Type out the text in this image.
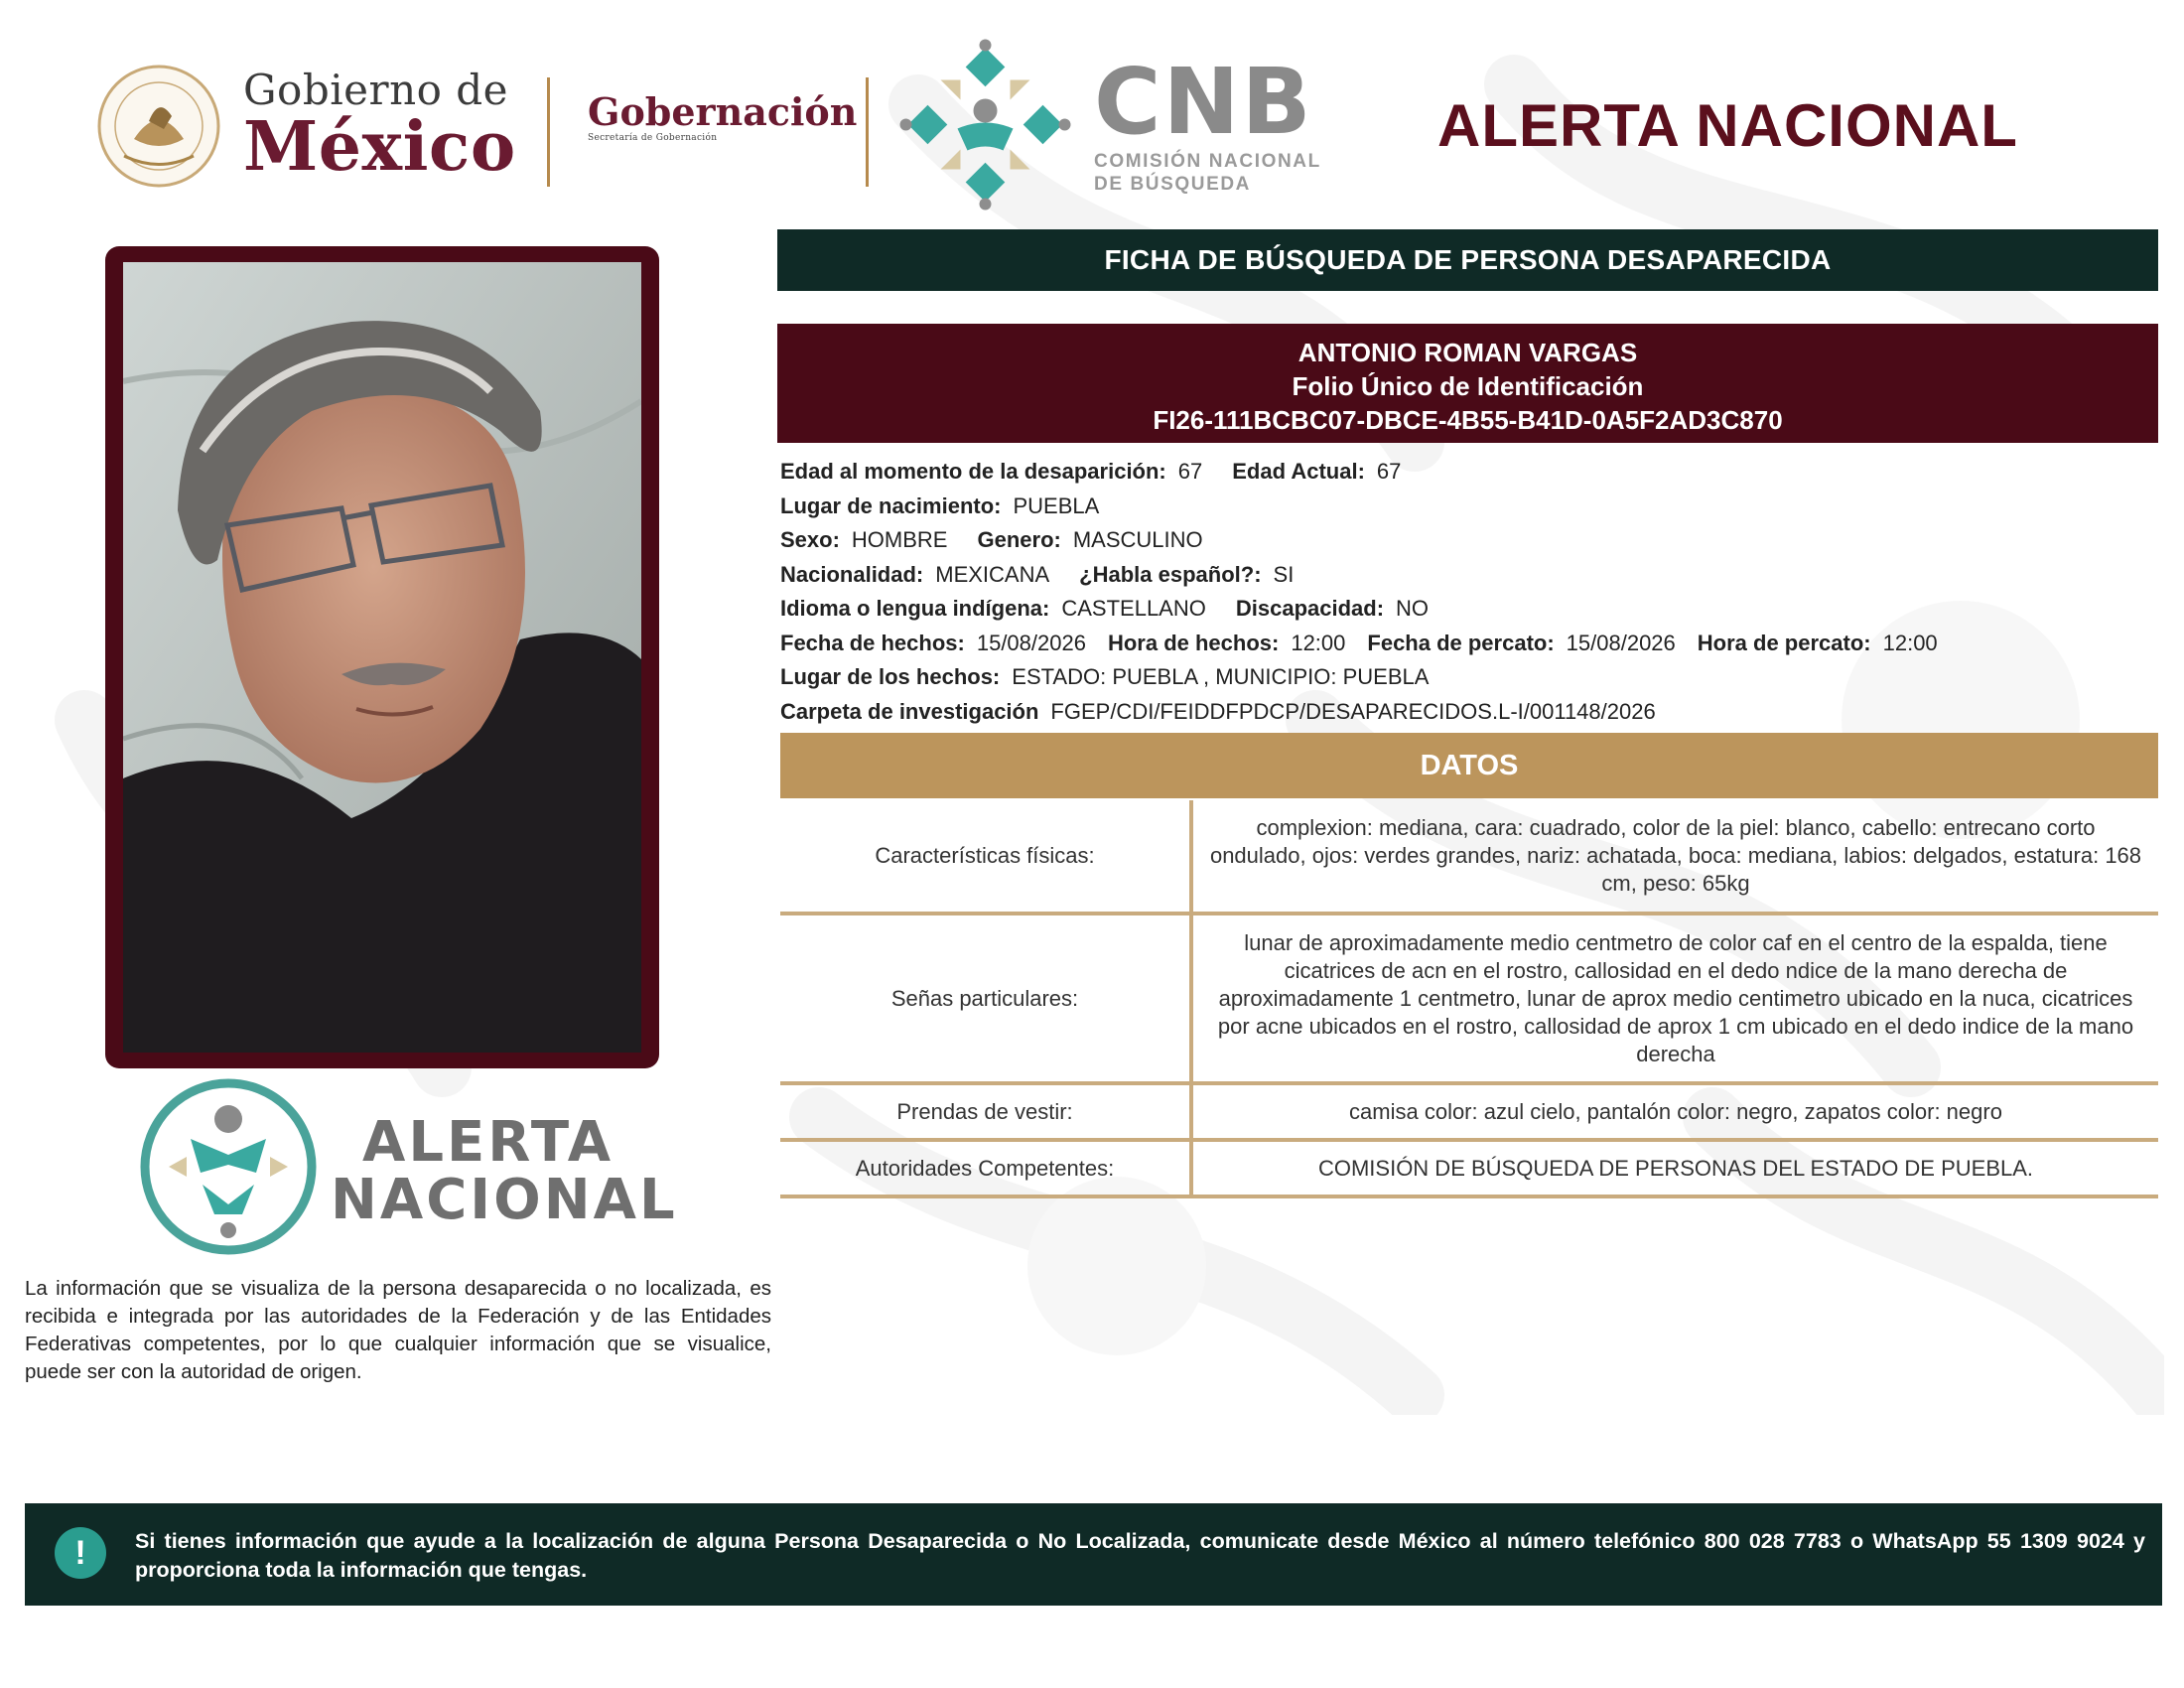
Gobierno de
México Gobernación
Secretaría de Gobernación	CNB
COMISIÓN NACIONAL
DE BÚSQUEDA
ALERTA NACIONAL
ALERTA
NACIONAL
La información que se visualiza de la persona desaparecida o no localizada, es recibida e integrada por las autoridades de la Federación y de las Entidades Federativas competentes, por lo que cualquier información que se visualice, puede ser con la autoridad de origen.
FICHA DE BÚSQUEDA DE PERSONA DESAPARECIDA
ANTONIO ROMAN VARGAS
Folio Único de Identificación
FI26-111BCBC07-DBCE-4B55-B41D-0A5F2AD3C870
Edad al momento de la desaparición: 67 Edad Actual: 67
Lugar de nacimiento: PUEBLA
Sexo: HOMBRE Genero: MASCULINO
Nacionalidad: MEXICANA ¿Habla español?: SI
Idioma o lengua indígena: CASTELLANO Discapacidad: NO
Fecha de hechos: 15/08/2026 Hora de hechos: 12:00 Fecha de percato: 15/08/2026 Hora de percato: 12:00
Lugar de los hechos: ESTADO: PUEBLA , MUNICIPIO: PUEBLA
Carpeta de investigación FGEP/CDI/FEIDDFPDCP/DESAPARECIDOS.L-I/001148/2026
DATOS
Características físicas:	complexion: mediana, cara: cuadrado, color de la piel: blanco, cabello: entrecano corto ondulado, ojos: verdes grandes, nariz: achatada, boca: mediana, labios: delgados, estatura: 168 cm, peso: 65kg
Señas particulares:	lunar de aproximadamente medio centmetro de color caf en el centro de la espalda, tiene cicatrices de acn en el rostro, callosidad en el dedo ndice de la mano derecha de aproximadamente 1 centmetro, lunar de aprox medio centimetro ubicado en la nuca, cicatrices por acne ubicados en el rostro, callosidad de aprox 1 cm ubicado en el dedo indice de la mano derecha
Prendas de vestir:	camisa color: azul cielo, pantalón color: negro, zapatos color: negro
Autoridades Competentes:	COMISIÓN DE BÚSQUEDA DE PERSONAS DEL ESTADO DE PUEBLA.
!	Si tienes información que ayude a la localización de alguna Persona Desaparecida o No Localizada, comunicate desde México al número telefónico 800 028 7783 o WhatsApp 55 1309 9024 y proporciona toda la información que tengas.
